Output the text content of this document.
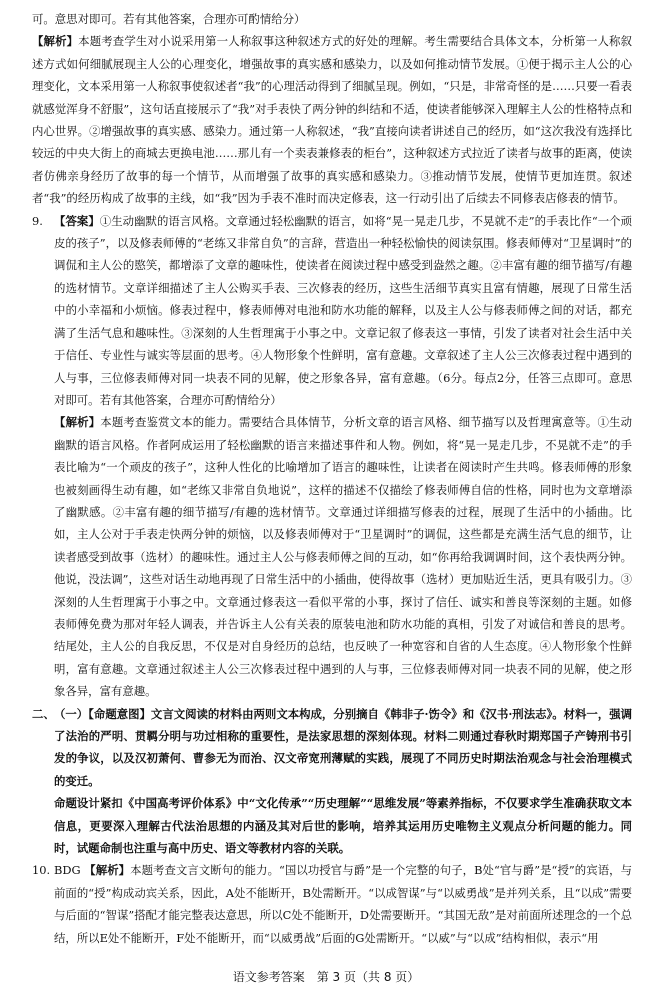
可。意思对即可。若有其他答案，合理亦可酌情给分）

【解析】本题考查学生对小说采用第一人称叙事这种叙述方式的好处的理解。考生需要结合具体文本，分析第一人称叙述方式如何细腻展现主人公的心理变化，增强故事的真实感和感染力，以及如何推动情节发展。①便于揭示主人公的心理变化，文本采用第一人称叙事使叙述者“我”的心理活动得到了细腻呈现。例如，“只是，非常奇怪的是……只要一看表就感觉浑身不舒服”，这句话直接展示了“我”对手表快了两分钟的纠结和不适，使读者能够深入理解主人公的性格特点和内心世界。②增强故事的真实感、感染力。通过第一人称叙述，“我”直接向读者讲述自己的经历，如“这次我没有选择比较远的中央大街上的商城去更换电池……那儿有一个卖表兼修表的柜台”，这种叙述方式拉近了读者与故事的距离，使读者仿佛亲身经历了故事的每一个情节，从而增强了故事的真实感和感染力。③推动情节发展，使情节更加连贯。叙述者“我”的经历构成了故事的主线，如“我”因为手表不准时而决定修表，这一行动引出了后续去不同修表店修表的情节。

9. 【答案】①生动幽默的语言风格。文章通过轻松幽默的语言，如将“晃一晃走几步，不晃就不走”的手表比作“一个顽皮的孩子”，以及修表师傅的“老练又非常自负”的言辞，营造出一种轻松愉快的阅读氛围。修表师傅对“卫星调时”的调侃和主人公的愍笑，都增添了文章的趣味性，使读者在阅读过程中感受到盎然之趣。②丰富有趣的细节描写/有趣的选材情节。文章详细描述了主人公购买手表、三次修表的经历，这些生活细节真实且富有情趣，展现了日常生活中的小幸福和小烦恼。修表过程中，修表师傅对电池和防水功能的解释，以及主人公与修表师傅之间的对话，都充满了生活气息和趣味性。③深刻的人生哲理寓于小事之中。文章记叙了修表这一事情，引发了读者对社会生活中关于信任、专业性与诚实等层面的思考。④人物形象个性鲜明，富有意趣。文章叙述了主人公三次修表过程中遇到的人与事，三位修表师傅对同一块表不同的见解，使之形象各异，富有意趣。（6分。每点2分，任答三点即可。意思对即可。若有其他答案，合理亦可酌情给分）

【解析】本题考查鉴赏文本的能力。需要结合具体情节，分析文章的语言风格、细节描写以及哲理寓意等。①生动幽默的语言风格。作者阿成运用了轻松幽默的语言来描述事件和人物。例如，将“晃一晃走几步，不晃就不走”的手表比喻为“一个顽皮的孩子”，这种人性化的比喻增加了语言的趣味性，让读者在阅读时产生共鸣。修表师傅的形象也被刻画得生动有趣，如“老练又非常自负地说”，这样的描述不仅描绘了修表师傅自信的性格，同时也为文章增添了幽默感。②丰富有趣的细节描写/有趣的选材情节。文章通过详细描写修表的过程，展现了生活中的小插曲。比如，主人公对于手表走快两分钟的烦恼，以及修表师傅对于“卫星调时”的调侃，这些都是充满生活气息的细节，让读者感受到故事（选材）的趣味性。通过主人公与修表师傅之间的互动，如“你再给我调调时间，这个表快两分钟。他说，没法调”，这些对话生动地再现了日常生活中的小插曲，使得故事（选材）更加贴近生活，更具有吸引力。③深刻的人生哲理寓于小事之中。文章通过修表这一看似平常的小事，探讨了信任、诚实和善良等深刻的主题。如修表师傅免费为那对年轻人调表，并告诉主人公有关表的原装电池和防水功能的真相，引发了对诚信和善良的思考。结尾处，主人公的自我反思，不仅是对自身经历的总结，也反映了一种宽容和自省的人生态度。④人物形象个性鲜明，富有意趣。文章通过叙述主人公三次修表过程中遇到的人与事，三位修表师傅对同一块表不同的见解，使之形象各异，富有意趣。

二、（一）【命题意图】文言文阅读的材料由两则文本构成，分别摘自《韩非子·饬令》和《汉书·刑法志》。材料一，强调了法治的严明、贯羁分明与功过相称的重要性，是法家思想的深刻体现。材料二则通过春秋时期郑国子产铸刑书引发的争议，以及汉初萧何、曹参无为而治、汉文帝宽刑薄赋的实践，展现了不同历史时期法治观念与社会治理模式的变迁。

命题设计紧扣《中国高考评价体系》中“文化传承”“历史理解”“思维发展”等素养指标，不仅要求学生准确获取文本信息，更要深入理解古代法治思想的内涵及其对后世的影响，培养其运用历史唯物主义观点分析问题的能力。同时，试题命制也注重与高中历史、语文等教材内容的关联。

10. BDG 【解析】本题考查文言文断句的能力。“国以功授官与爵”是一个完整的句子，B处“官与爵”是“授”的宾语，与前面的“授”构成动宾关系，因此，A处不能断开，B处需断开。“以成智谋”与“以威勇战”是并列关系，且“以成”需要与后面的“智谋”搭配才能完整表达意思，所以C处不能断开，D处需要断开。“其国无敌”是对前面所述理念的一个总结，所以E处不能断开，F处不能断开，而“以威勇战”后面的G处需断开。“以威”与“以成”结构相似，表示“用

语文参考答案　第 3 页（共 8 页）
